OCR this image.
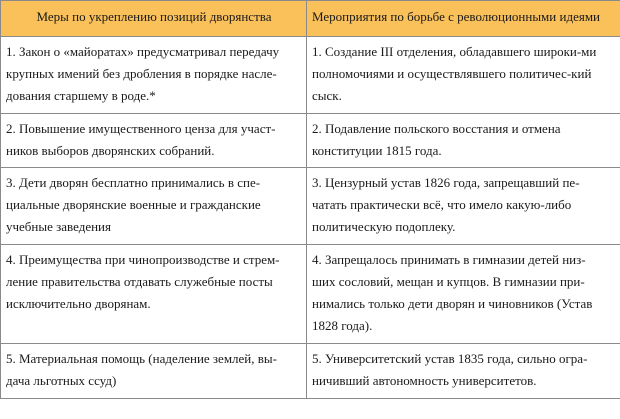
Меры по укреплению позиций дворянства	Мероприятия по борьбе с революционными идеями
1. Закон о «майоратах» предусматривал передачу
крупных имений без дробления в порядке наслe-
дования старшему в роде.*	1. Создание III отделения, обладавшего широки-ми
полномочиями и осуществлявшего политичес-кий
сыск.
2. Повышение имущественного ценза для участ-
ников выборов дворянских собраний.	2. Подавление польского восстания и отмена
конституции 1815 года.
3. Дети дворян бесплатно принимались в спе-
циальные дворянские военные и гражданские
учебные заведения	3. Цензурный устав 1826 года, запрещавший пе-
чатать практически всё, что имело какую-либо
политическую подоплеку.
4. Преимущества при чинопроизводстве и стрем-
ление правительства отдавать служебные посты
исключительно дворянам.	4. Запрещалось принимать в гимназии детей низ-
ших сословий, мещан и купцов. В гимназии при-
нимались только дети дворян и чиновников (Устав
1828 года).
5. Материальная помощь (наделение землей, вы-
дача льготных ссуд)	5. Университетский устав 1835 года, сильно огра-
ничивший автономность университетов.
